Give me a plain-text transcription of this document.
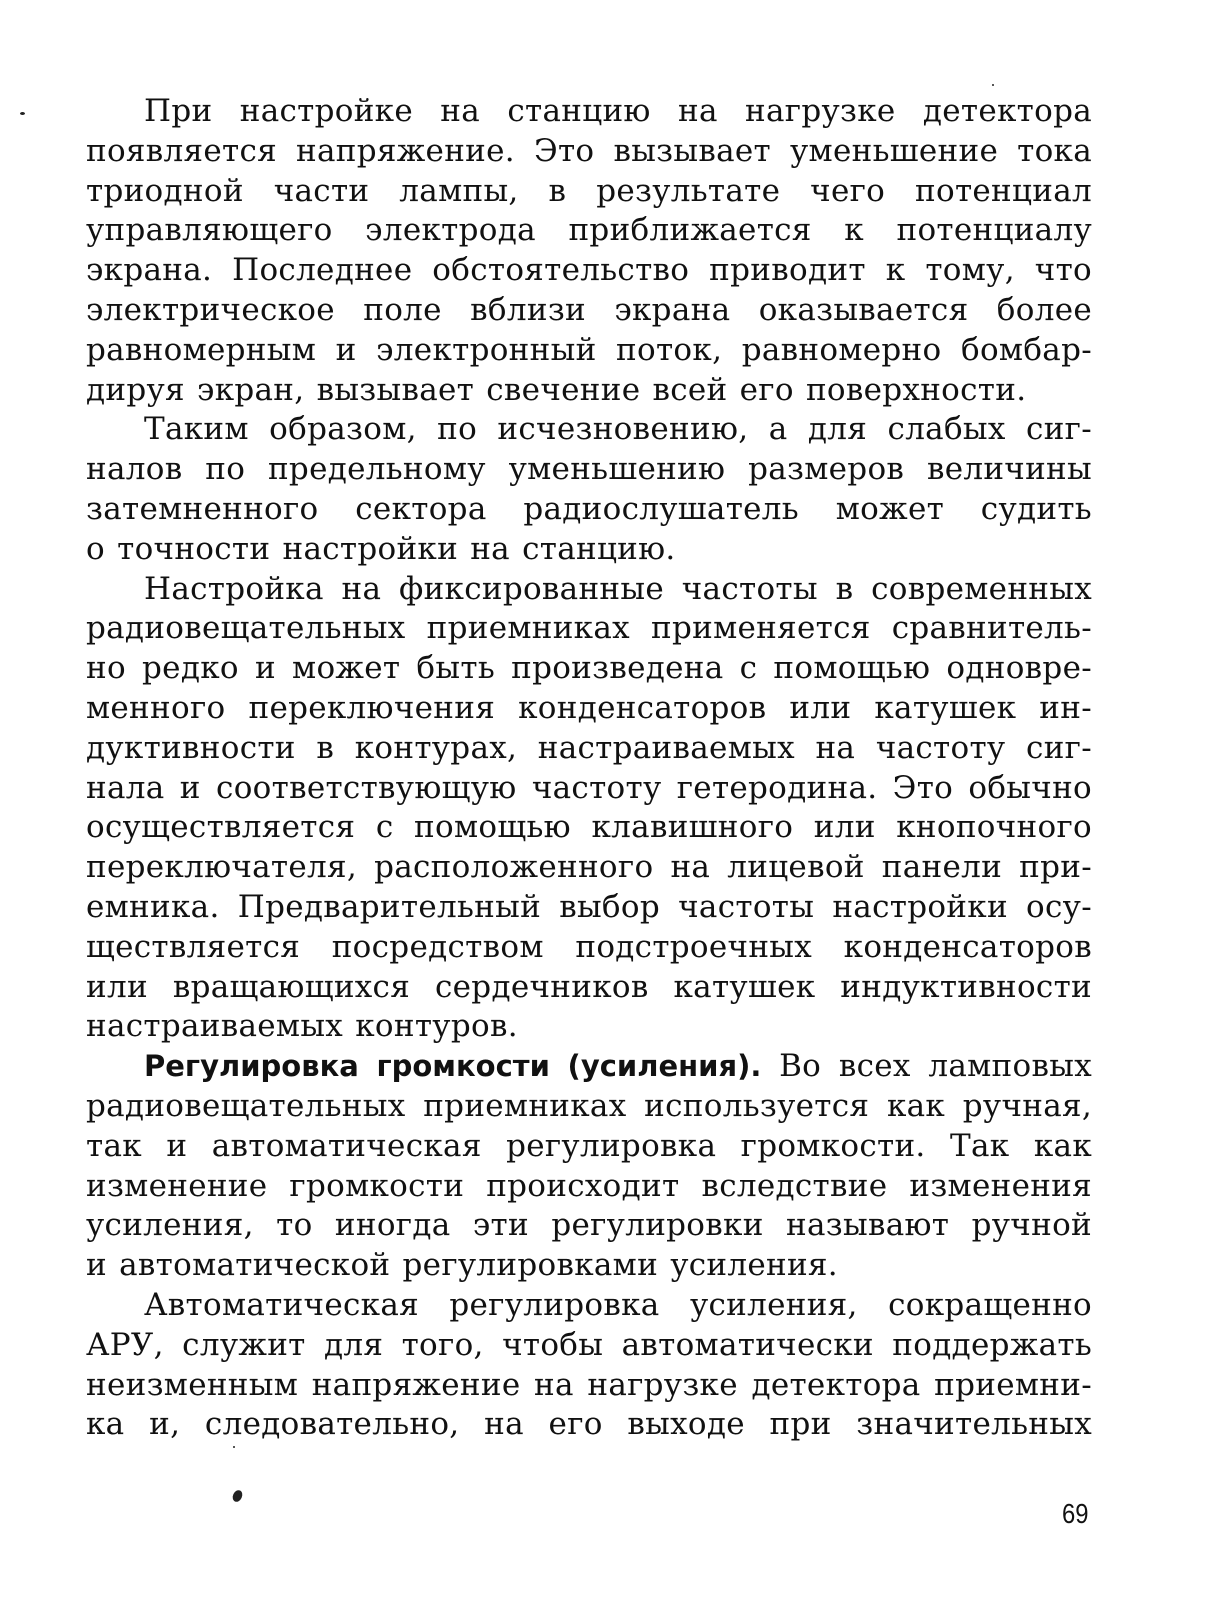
При настройке на станцию на нагрузке детектора
появляется напряжение. Это вызывает уменьшение тока
триодной части лампы, в результате чего потенциал
управляющего электрода приближается к потенциалу
экрана. Последнее обстоятельство приводит к тому, что
электрическое поле вблизи экрана оказывается более
равномерным и электронный поток, равномерно бомбар-
дируя экран, вызывает свечение всей его поверхности.
Таким образом, по исчезновению, а для слабых сиг-
налов по предельному уменьшению размеров величины
затемненного сектора радиослушатель может судить
о точности настройки на станцию.
Настройка на фиксированные частоты в современных
радиовещательных приемниках применяется сравнитель-
но редко и может быть произведена с помощью одновре-
менного переключения конденсаторов или катушек ин-
дуктивности в контурах, настраиваемых на частоту сиг-
нала и соответствующую частоту гетеродина. Это обычно
осуществляется с помощью клавишного или кнопочного
переключателя, расположенного на лицевой панели при-
емника. Предварительный выбор частоты настройки осу-
ществляется посредством подстроечных конденсаторов
или вращающихся сердечников катушек индуктивности
настраиваемых контуров.
Регулировка громкости (усиления). Во всех ламповых
радиовещательных приемниках используется как ручная,
так и автоматическая регулировка громкости. Так как
изменение громкости происходит вследствие изменения
усиления, то иногда эти регулировки называют ручной
и автоматической регулировками усиления.
Автоматическая регулировка усиления, сокращенно
АРУ, служит для того, чтобы автоматически поддержать
неизменным напряжение на нагрузке детектора приемни-
ка и, следовательно, на его выходе при значительных
69
